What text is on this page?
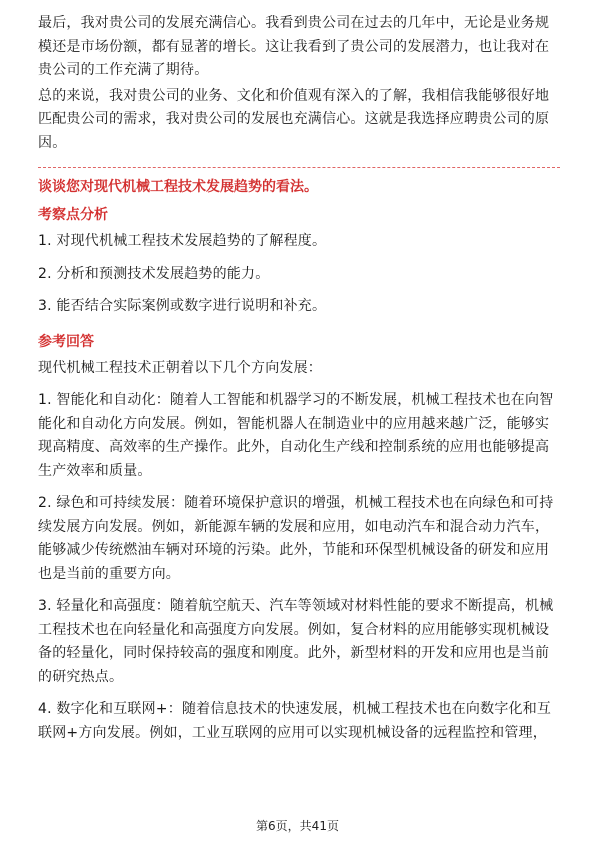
最后，我对贵公司的发展充满信心。我看到贵公司在过去的几年中，无论是业务规模还是市场份额，都有显著的增长。这让我看到了贵公司的发展潜力，也让我对在贵公司的工作充满了期待。

总的来说，我对贵公司的业务、文化和价值观有深入的了解，我相信我能够很好地匹配贵公司的需求，我对贵公司的发展也充满信心。这就是我选择应聘贵公司的原因。

谈谈您对现代机械工程技术发展趋势的看法。
考察点分析

1. 对现代机械工程技术发展趋势的了解程度。

2. 分析和预测技术发展趋势的能力。

3. 能否结合实际案例或数字进行说明和补充。

参考回答

现代机械工程技术正朝着以下几个方向发展：

1. 智能化和自动化：随着人工智能和机器学习的不断发展，机械工程技术也在向智能化和自动化方向发展。例如，智能机器人在制造业中的应用越来越广泛，能够实现高精度、高效率的生产操作。此外，自动化生产线和控制系统的应用也能够提高生产效率和质量。

2. 绿色和可持续发展：随着环境保护意识的增强，机械工程技术也在向绿色和可持续发展方向发展。例如，新能源车辆的发展和应用，如电动汽车和混合动力汽车，能够减少传统燃油车辆对环境的污染。此外，节能和环保型机械设备的研发和应用也是当前的重要方向。

3. 轻量化和高强度：随着航空航天、汽车等领域对材料性能的要求不断提高，机械工程技术也在向轻量化和高强度方向发展。例如，复合材料的应用能够实现机械设备的轻量化，同时保持较高的强度和刚度。此外，新型材料的开发和应用也是当前的研究热点。

4. 数字化和互联网+：随着信息技术的快速发展，机械工程技术也在向数字化和互联网+方向发展。例如，工业互联网的应用可以实现机械设备的远程监控和管理，

第6页，共41页
